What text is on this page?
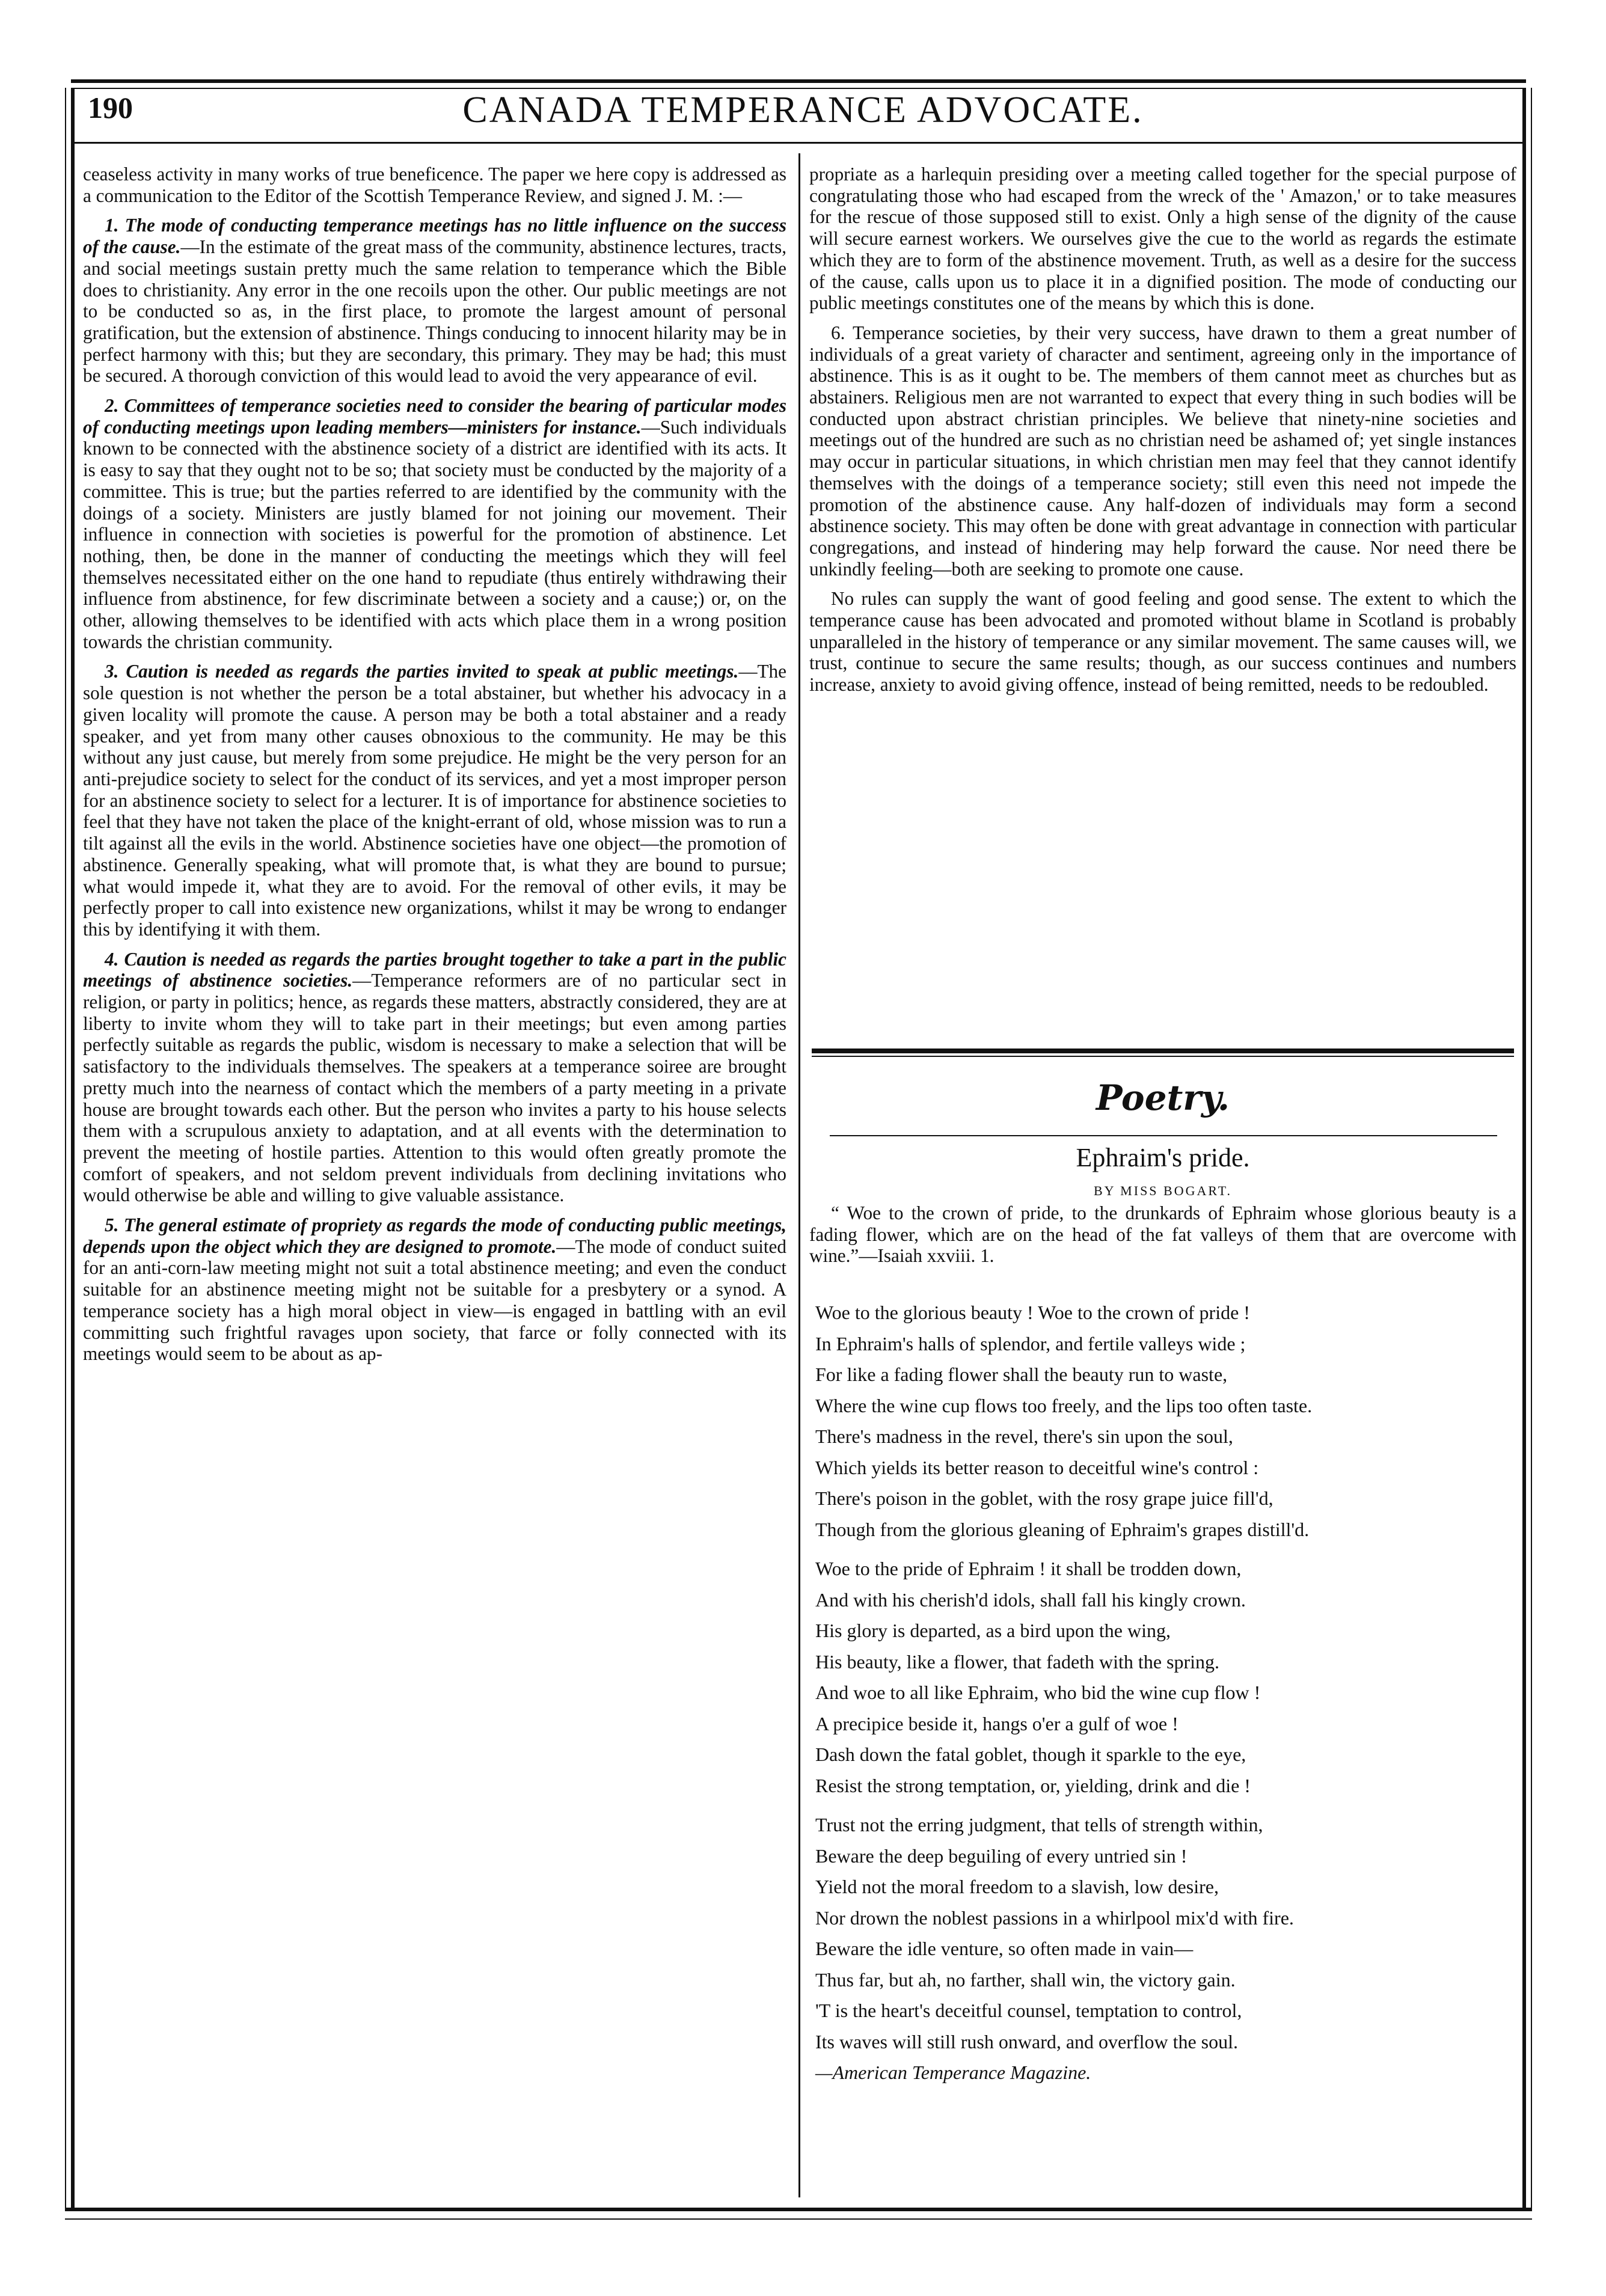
190	CANADA TEMPERANCE ADVOCATE.

ceaseless activity in many works of true beneficence. The paper we here copy is addressed as a communication to the Editor of the Scottish Temperance Review, and signed J. M. :—

1. The mode of conducting temperance meetings has no little influence on the success of the cause.—In the estimate of the great mass of the community, abstinence lectures, tracts, and social meetings sustain pretty much the same relation to temperance which the Bible does to christianity. Any error in the one recoils upon the other. Our public meetings are not to be conducted so as, in the first place, to promote the largest amount of personal gratification, but the extension of abstinence. Things conducing to innocent hilarity may be in perfect harmony with this; but they are secondary, this primary. They may be had; this must be secured. A thorough conviction of this would lead to avoid the very appearance of evil.

2. Committees of temperance societies need to consider the bearing of particular modes of conducting meetings upon leading members—ministers for instance.—Such individuals known to be connected with the abstinence society of a district are identified with its acts. It is easy to say that they ought not to be so; that society must be conducted by the majority of a committee. This is true; but the parties referred to are identified by the community with the doings of a society. Ministers are justly blamed for not joining our movement. Their influence in connection with societies is powerful for the promotion of abstinence. Let nothing, then, be done in the manner of conducting the meetings which they will feel themselves necessitated either on the one hand to repudiate (thus entirely withdrawing their influence from abstinence, for few discriminate between a society and a cause;) or, on the other, allowing themselves to be identified with acts which place them in a wrong position towards the christian community.

3. Caution is needed as regards the parties invited to speak at public meetings.—The sole question is not whether the person be a total abstainer, but whether his advocacy in a given locality will promote the cause. A person may be both a total abstainer and a ready speaker, and yet from many other causes obnoxious to the community. He may be this without any just cause, but merely from some prejudice. He might be the very person for an anti-prejudice society to select for the conduct of its services, and yet a most improper person for an abstinence society to select for a lecturer. It is of importance for abstinence societies to feel that they have not taken the place of the knight-errant of old, whose mission was to run a tilt against all the evils in the world. Abstinence societies have one object—the promotion of abstinence. Generally speaking, what will promote that, is what they are bound to pursue; what would impede it, what they are to avoid. For the removal of other evils, it may be perfectly proper to call into existence new organizations, whilst it may be wrong to endanger this by identifying it with them.

4. Caution is needed as regards the parties brought together to take a part in the public meetings of abstinence societies.—Temperance reformers are of no particular sect in religion, or party in politics; hence, as regards these matters, abstractly considered, they are at liberty to invite whom they will to take part in their meetings; but even among parties perfectly suitable as regards the public, wisdom is necessary to make a selection that will be satisfactory to the individuals themselves. The speakers at a temperance soiree are brought pretty much into the nearness of contact which the members of a party meeting in a private house are brought towards each other. But the person who invites a party to his house selects them with a scrupulous anxiety to adaptation, and at all events with the determination to prevent the meeting of hostile parties. Attention to this would often greatly promote the comfort of speakers, and not seldom prevent individuals from declining invitations who would otherwise be able and willing to give valuable assistance.

5. The general estimate of propriety as regards the mode of conducting public meetings, depends upon the object which they are designed to promote.—The mode of conduct suited for an anti-corn-law meeting might not suit a total abstinence meeting; and even the conduct suitable for an abstinence meeting might not be suitable for a presbytery or a synod. A temperance society has a high moral object in view—is engaged in battling with an evil committing such frightful ravages upon society, that farce or folly connected with its meetings would seem to be about as ap-

propriate as a harlequin presiding over a meeting called together for the special purpose of congratulating those who had escaped from the wreck of the ' Amazon,' or to take measures for the rescue of those supposed still to exist. Only a high sense of the dignity of the cause will secure earnest workers. We ourselves give the cue to the world as regards the estimate which they are to form of the abstinence movement. Truth, as well as a desire for the success of the cause, calls upon us to place it in a dignified position. The mode of conducting our public meetings constitutes one of the means by which this is done.

6. Temperance societies, by their very success, have drawn to them a great number of individuals of a great variety of character and sentiment, agreeing only in the importance of abstinence. This is as it ought to be. The members of them cannot meet as churches but as abstainers. Religious men are not warranted to expect that every thing in such bodies will be conducted upon abstract christian principles. We believe that ninety-nine societies and meetings out of the hundred are such as no christian need be ashamed of; yet single instances may occur in particular situations, in which christian men may feel that they cannot identify themselves with the doings of a temperance society; still even this need not impede the promotion of the abstinence cause. Any half-dozen of individuals may form a second abstinence society. This may often be done with great advantage in connection with particular congregations, and instead of hindering may help forward the cause. Nor need there be unkindly feeling—both are seeking to promote one cause.

No rules can supply the want of good feeling and good sense. The extent to which the temperance cause has been advocated and promoted without blame in Scotland is probably unparalleled in the history of temperance or any similar movement. The same causes will, we trust, continue to secure the same results; though, as our success continues and numbers increase, anxiety to avoid giving offence, instead of being remitted, needs to be redoubled.

Poetry.
Ephraim's pride.
BY MISS BOGART.
“ Woe to the crown of pride, to the drunkards of Ephraim whose glorious beauty is a fading flower, which are on the head of the fat valleys of them that are overcome with wine.”—Isaiah xxviii. 1.
Woe to the glorious beauty ! Woe to the crown of pride !
In Ephraim's halls of splendor, and fertile valleys wide ;
For like a fading flower shall the beauty run to waste,
Where the wine cup flows too freely, and the lips too often taste.
There's madness in the revel, there's sin upon the soul,
Which yields its better reason to deceitful wine's control :
There's poison in the goblet, with the rosy grape juice fill'd,
Though from the glorious gleaning of Ephraim's grapes distill'd.
Woe to the pride of Ephraim ! it shall be trodden down,
And with his cherish'd idols, shall fall his kingly crown.
His glory is departed, as a bird upon the wing,
His beauty, like a flower, that fadeth with the spring.
And woe to all like Ephraim, who bid the wine cup flow !
A precipice beside it, hangs o'er a gulf of woe !
Dash down the fatal goblet, though it sparkle to the eye,
Resist the strong temptation, or, yielding, drink and die !
Trust not the erring judgment, that tells of strength within,
Beware the deep beguiling of every untried sin !
Yield not the moral freedom to a slavish, low desire,
Nor drown the noblest passions in a whirlpool mix'd with fire.
Beware the idle venture, so often made in vain—
Thus far, but ah, no farther, shall win, the victory gain.
'T is the heart's deceitful counsel, temptation to control,
Its waves will still rush onward, and overflow the soul.
—American Temperance Magazine.
